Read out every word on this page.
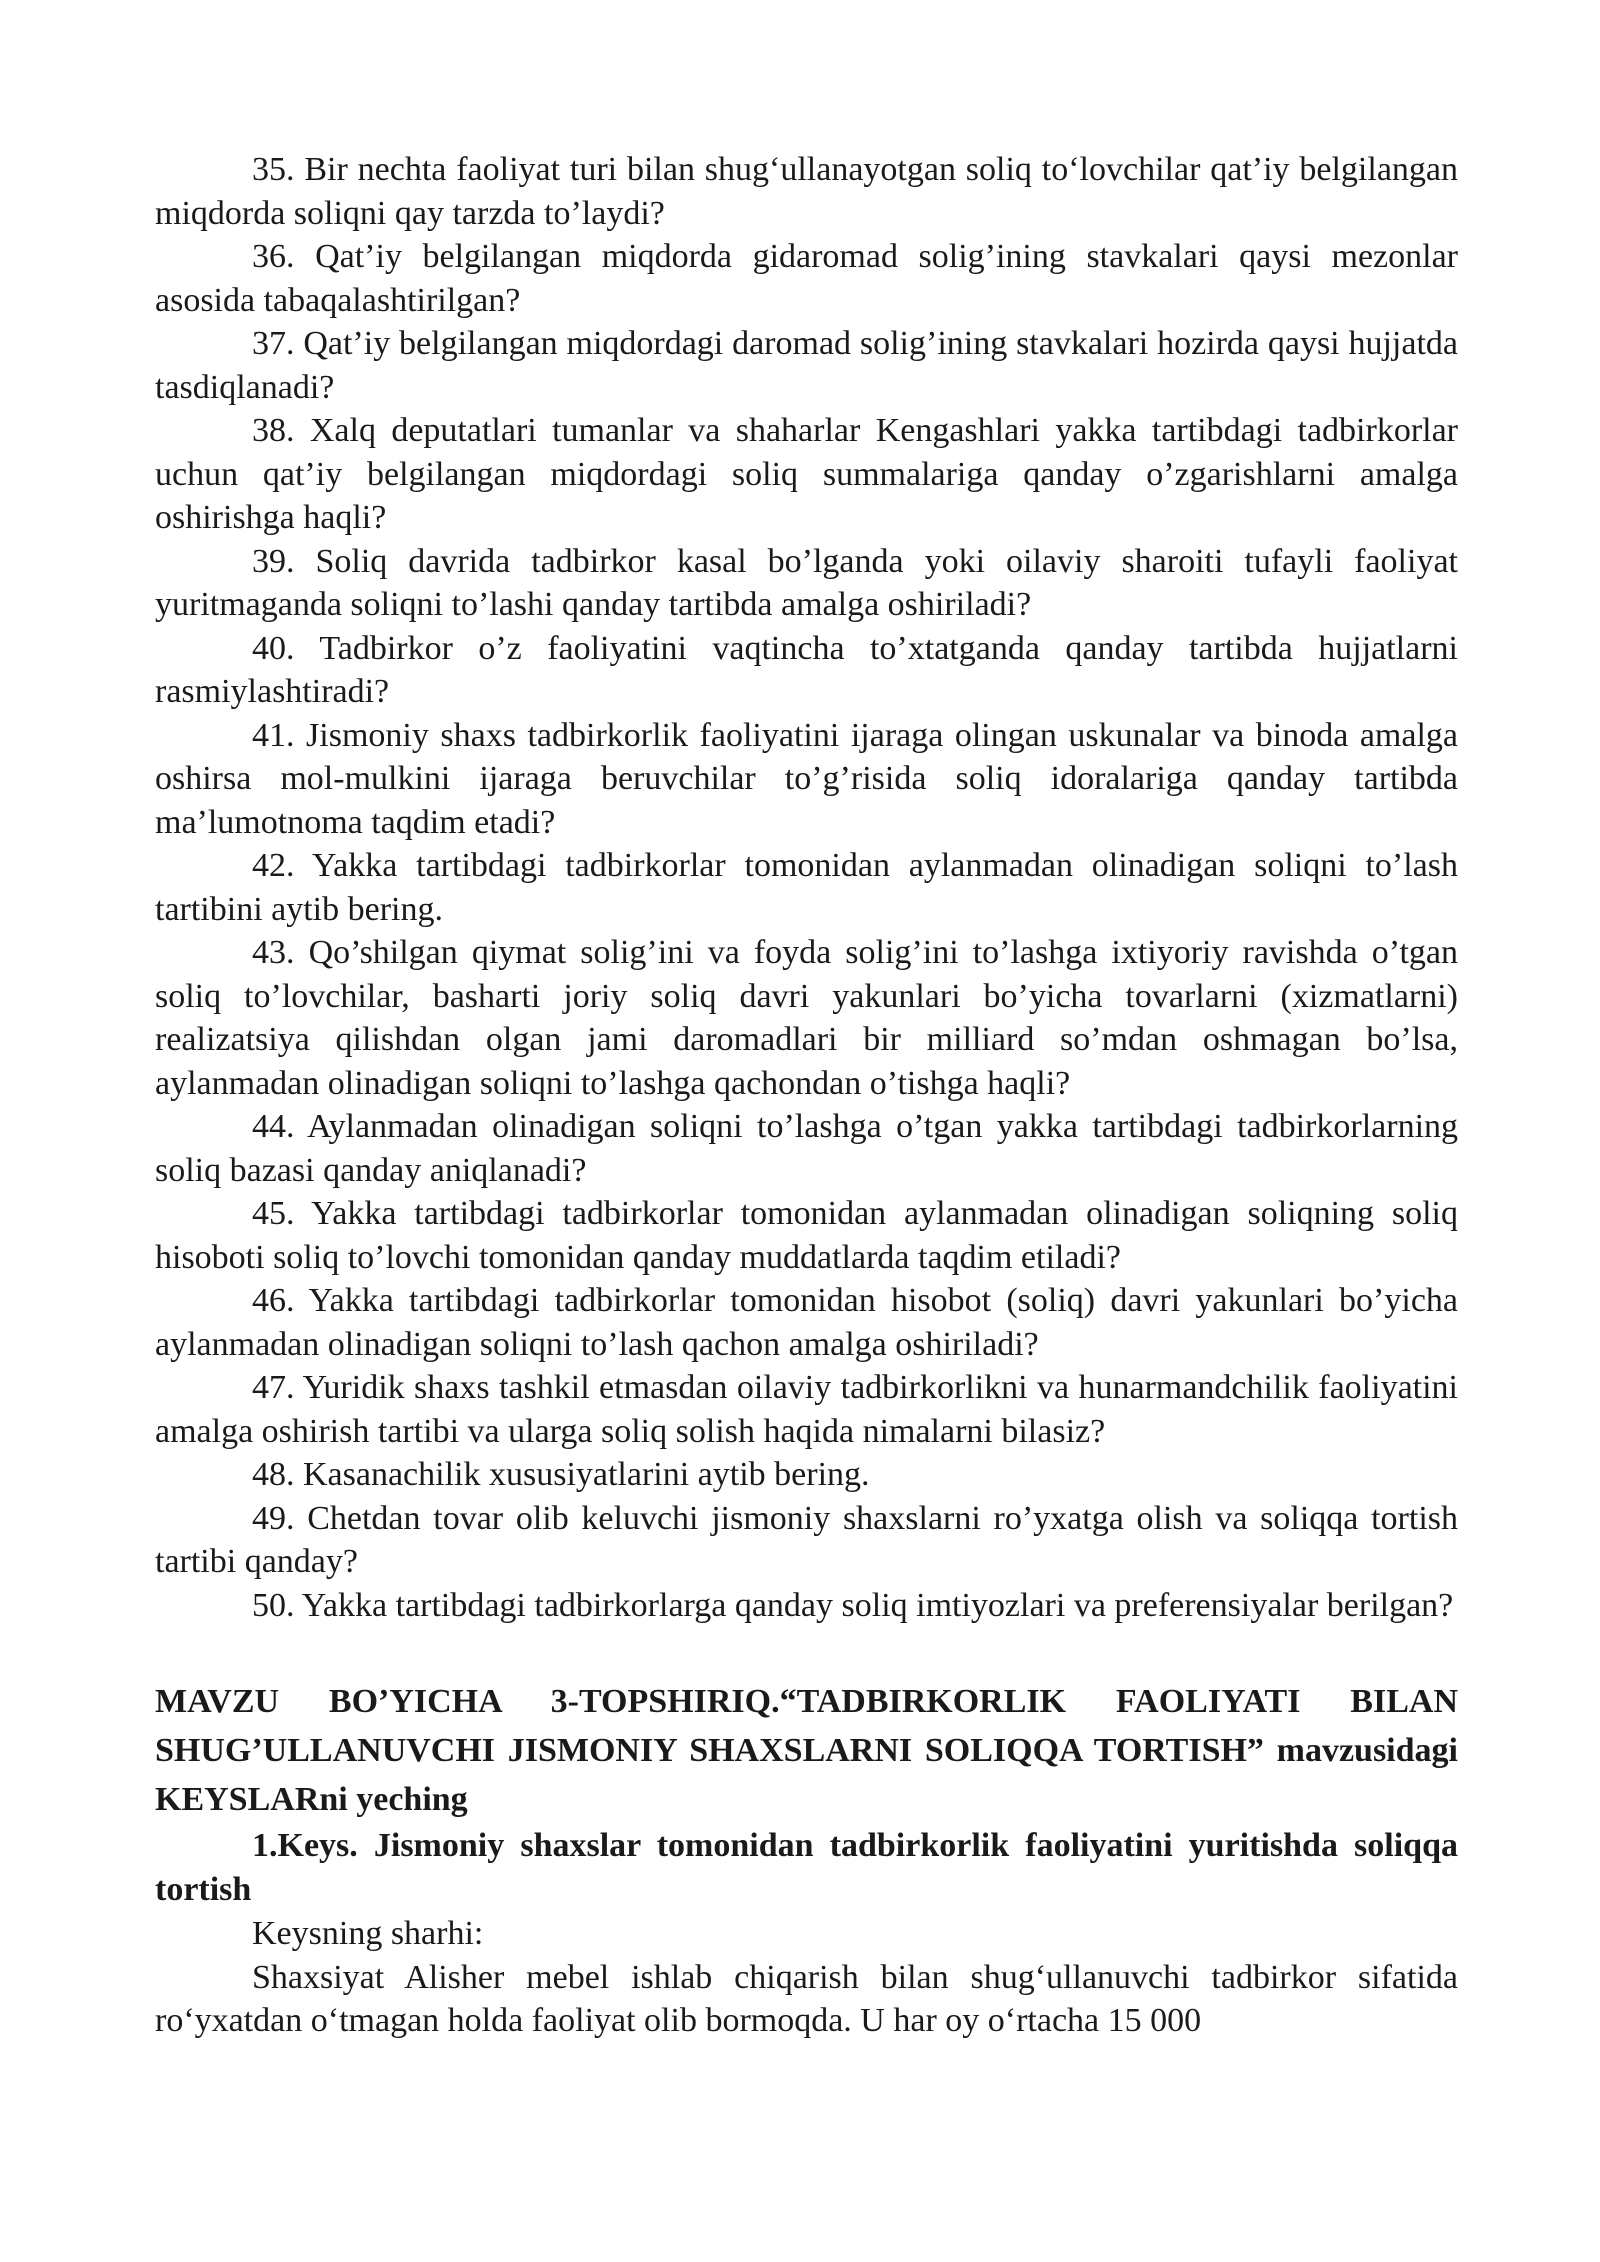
35. Bir nechta faoliyat turi bilan shug‘ullanayotgan soliq to‘lovchilar qat’iy belgilangan miqdorda soliqni qay tarzda to’laydi?

36. Qat’iy belgilangan miqdorda gidaromad solig’ining stavkalari qaysi mezonlar asosida tabaqalashtirilgan?

37. Qat’iy belgilangan miqdordagi daromad solig’ining stavkalari hozirda qaysi hujjatda tasdiqlanadi?

38. Xalq deputatlari tumanlar va shaharlar Kengashlari yakka tartibdagi tadbirkorlar uchun qat’iy belgilangan miqdordagi soliq summalariga qanday o’zgarishlarni amalga oshirishga haqli?

39. Soliq davrida tadbirkor kasal bo’lganda yoki oilaviy sharoiti tufayli faoliyat yuritmaganda soliqni to’lashi qanday tartibda amalga oshiriladi?

40. Tadbirkor o’z faoliyatini vaqtincha to’xtatganda qanday tartibda hujjatlarni rasmiylashtiradi?

41. Jismoniy shaxs tadbirkorlik faoliyatini ijaraga olingan uskunalar va binoda amalga oshirsa mol-mulkini ijaraga beruvchilar to’g’risida soliq idoralariga qanday tartibda ma’lumotnoma taqdim etadi?

42. Yakka tartibdagi tadbirkorlar tomonidan aylanmadan olinadigan soliqni to’lash tartibini aytib bering.

43. Qo’shilgan qiymat solig’ini va foyda solig’ini to’lashga ixtiyoriy ravishda o’tgan soliq to’lovchilar, basharti joriy soliq davri yakunlari bo’yicha tovarlarni (xizmatlarni) realizatsiya qilishdan olgan jami daromadlari bir milliard so’mdan oshmagan bo’lsa, aylanmadan olinadigan soliqni to’lashga qachondan o’tishga haqli?

44. Aylanmadan olinadigan soliqni to’lashga o’tgan yakka tartibdagi tadbirkorlarning soliq bazasi qanday aniqlanadi?

45. Yakka tartibdagi tadbirkorlar tomonidan aylanmadan olinadigan soliqning soliq hisoboti soliq to’lovchi tomonidan qanday muddatlarda taqdim etiladi?

46. Yakka tartibdagi tadbirkorlar tomonidan hisobot (soliq) davri yakunlari bo’yicha aylanmadan olinadigan soliqni to’lash qachon amalga oshiriladi?

47. Yuridik shaxs tashkil etmasdan oilaviy tadbirkorlikni va hunarmandchilik faoliyatini amalga oshirish tartibi va ularga soliq solish haqida nimalarni bilasiz?

48. Kasanachilik xususiyatlarini aytib bering.

49. Chetdan tovar olib keluvchi jismoniy shaxslarni ro’yxatga olish va soliqqa tortish tartibi qanday?

50. Yakka tartibdagi tadbirkorlarga qanday soliq imtiyozlari va preferensiyalar berilgan?

MAVZU BO’YICHA 3-TOPSHIRIQ.“TADBIRKORLIK FAOLIYATI BILAN SHUG’ULLANUVCHI JISMONIY SHAXSLARNI SOLIQQA TORTISH” mavzusidagi KEYSLARni yeching

1.Keys. Jismoniy shaxslar tomonidan tadbirkorlik faoliyatini yuritishda soliqqa tortish

Keysning sharhi:

Shaxsiyat Alisher mebel ishlab chiqarish bilan shug‘ullanuvchi tadbirkor sifatida ro‘yxatdan o‘tmagan holda faoliyat olib bormoqda. U har oy o‘rtacha 15 000
